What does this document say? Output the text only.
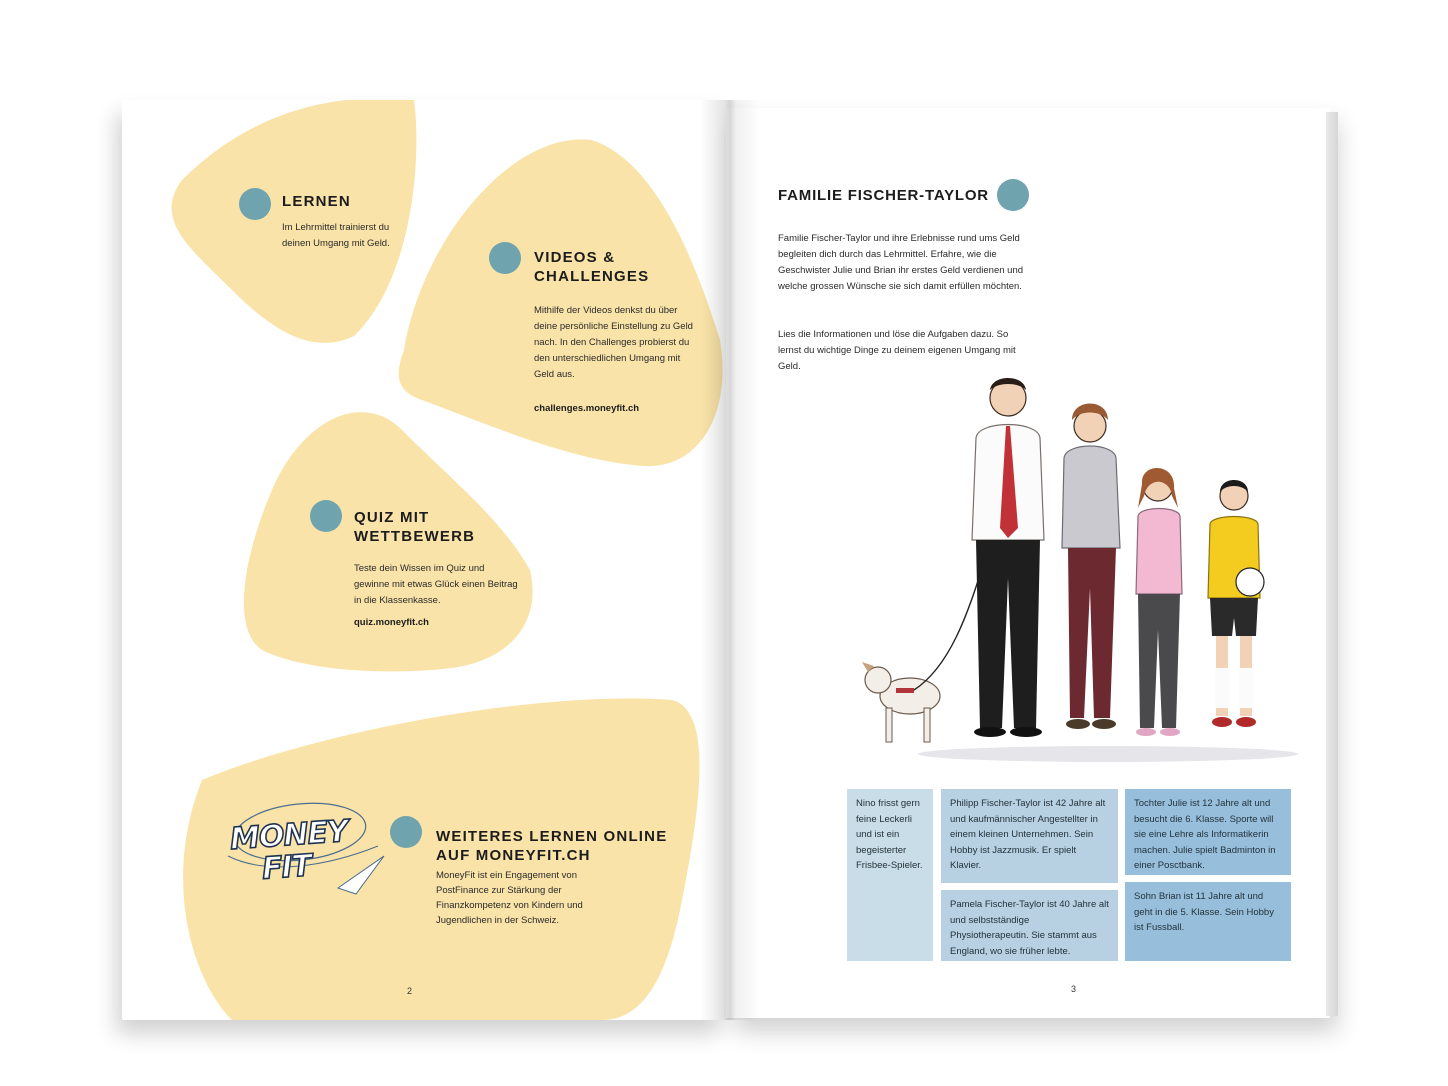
LERNEN
Im Lehrmittel trainierst du deinen Umgang mit Geld.
VIDEOS &
CHALLENGES
Mithilfe der Videos denkst du über deine persönliche Einstellung zu Geld nach. In den Challenges probierst du den unterschiedlichen Umgang mit Geld aus.
challenges.moneyfit.ch
QUIZ MIT
WETTBEWERB
Teste dein Wissen im Quiz und gewinne mit etwas Glück einen Beitrag in die Klassenkasse.
quiz.moneyfit.ch
MONEY
FIT
WEITERES LERNEN ONLINE
AUF MONEYFIT.CH
MoneyFit ist ein Engagement von PostFinance zur Stärkung der Finanzkompetenz von Kindern und Jugendlichen in der Schweiz.
2
FAMILIE FISCHER-TAYLOR
Familie Fischer-Taylor und ihre Erlebnisse rund ums Geld begleiten dich durch das Lehrmittel. Erfahre, wie die Geschwister Julie und Brian ihr erstes Geld verdienen und welche grossen Wünsche sie sich damit erfüllen möchten.
Lies die Informationen und löse die Aufgaben dazu. So lernst du wichtige Dinge zu deinem eigenen Umgang mit Geld.
Nino frisst gern feine Leckerli und ist ein begeisterter Frisbee-Spieler.
Philipp Fischer-Taylor ist 42 Jahre alt und kaufmännischer Angestellter in einem kleinen Unternehmen. Sein Hobby ist Jazzmusik. Er spielt Klavier.
Pamela Fischer-Taylor ist 40 Jahre alt und selbstständige Physiotherapeutin. Sie stammt aus England, wo sie früher lebte.
Tochter Julie ist 12 Jahre alt und besucht die 6. Klasse. Sporte will sie eine Lehre als Informatikerin machen. Julie spielt Badminton in einer Posctbank.
Sohn Brian ist 11 Jahre alt und geht in die 5. Klasse. Sein Hobby ist Fussball.
3
